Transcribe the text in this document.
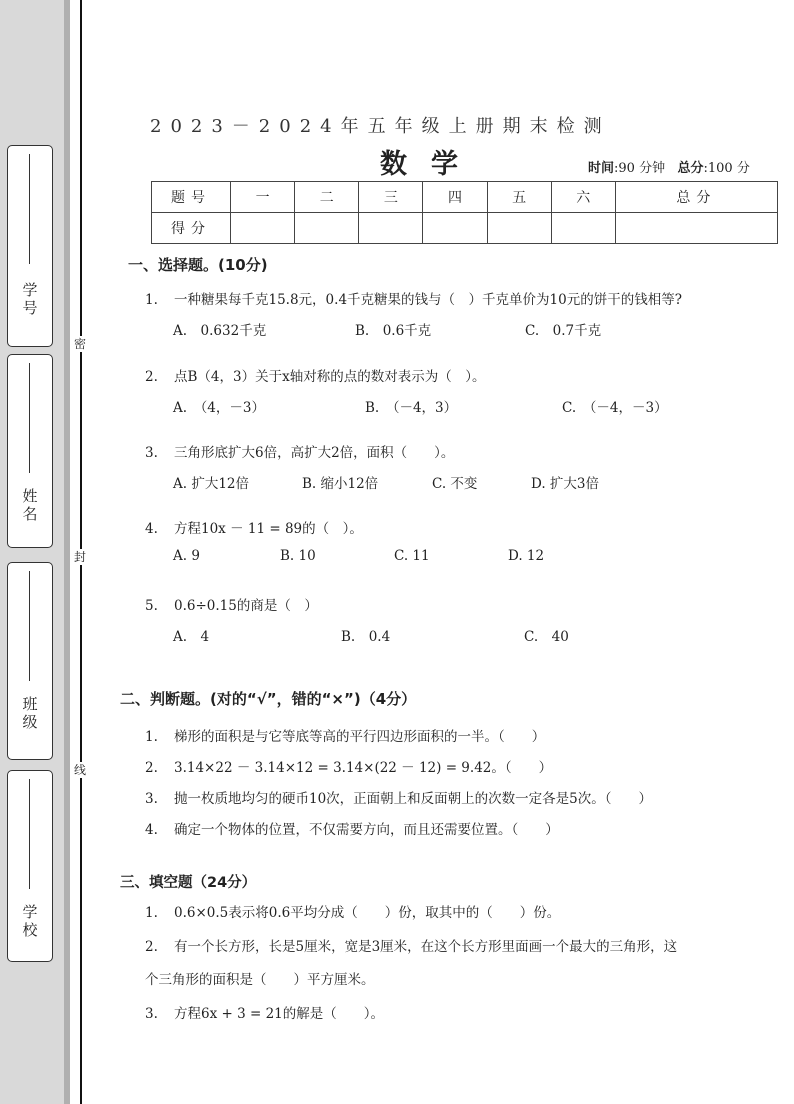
密
封
线
学 号
姓 名
班 级
学 校
2023－2024年五年级上册期末检测
数学	时间:90 分钟 总分:100 分
题号	一	二	三	四	五	六	总分
得分							
一、选择题。(10分)
1. 一种糖果每千克15.8元，0.4千克糖果的钱与（　）千克单价为10元的饼干的钱相等?
A.　0.632千克	B.　0.6千克	C.　0.7千克
2. 点B（4，3）关于x轴对称的点的数对表示为（　）。
A.　（4，－3）	B.　（－4，3）	C.　（－4，－3）
3. 三角形底扩大6倍，高扩大2倍，面积（　　）。
A. 扩大12倍	B. 缩小12倍	C. 不变	D. 扩大3倍
4. 方程10x － 11 = 89的（　）。
A. 9	B. 10	C. 11	D. 12
5. 0.6÷0.15的商是（　）
A.　4	B.　0.4	C.　40
二、判断题。(对的“√”，错的“×”)（4分）
1. 梯形的面积是与它等底等高的平行四边形面积的一半。（　　）
2. 3.14×22 － 3.14×12 = 3.14×(22 － 12) = 9.42。（　　）
3. 抛一枚质地均匀的硬币10次，正面朝上和反面朝上的次数一定各是5次。（　　）
4. 确定一个物体的位置，不仅需要方向，而且还需要位置。（　　）
三、填空题（24分）
1. 0.6×0.5表示将0.6平均分成（　　）份，取其中的（　　）份。
2. 有一个长方形，长是5厘米，宽是3厘米，在这个长方形里面画一个最大的三角形，这
个三角形的面积是（　　）平方厘米。
3. 方程6x + 3 = 21的解是（　　）。
